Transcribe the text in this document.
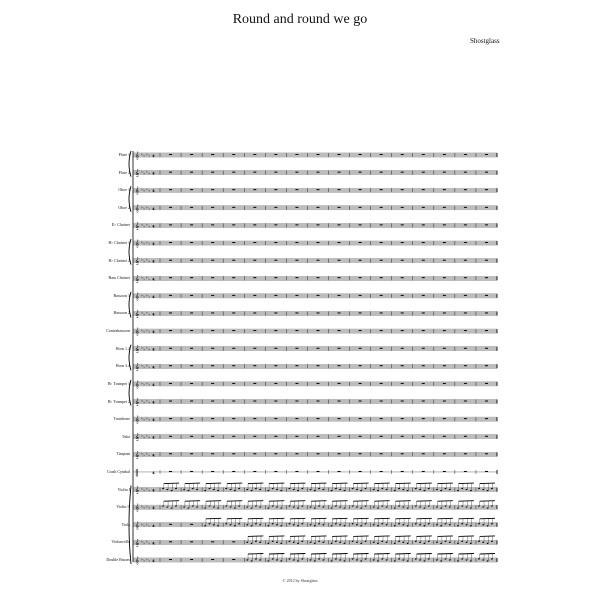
Round and round we go
Shostglass
𝄞 ♭ ♭ ♭ ♭ 4
𝄞 ♭ ♭ ♭ ♭ 4
𝄞 ♭ ♭ ♭ ♭ 4
𝄞 ♭ ♭ ♭ ♭ 4
𝄞 ♭ ♭ ♭ ♭ 4
𝄞 ♭ ♭ ♭ ♭ 4
𝄞 ♭ ♭ ♭ ♭ 4
𝄞 ♭ ♭ ♭ ♭ 4
𝄞 ♭ ♭ ♭ ♭ 4
𝄞 ♭ ♭ ♭ ♭ 4
𝄞 ♭ ♭ ♭ ♭ 4
𝄞 ♭ ♭ ♭ ♭ 4
𝄞 ♭ ♭ ♭ ♭ 4
𝄞 ♭ ♭ ♭ ♭ 4
𝄞 ♭ ♭ ♭ ♭ 4
𝄞 ♭ ♭ ♭ ♭ 4
𝄞 ♭ ♭ ♭ ♭ 4
𝄞 ♭ ♭ ♭ ♭ 4
‖	4
𝄞 ♭ ♭ ♭ ♭ 4
𝄞 ♭ ♭ ♭ ♭ 4
𝄞 ♭ ♭ ♭ ♭ 4
𝄞 ♭ ♭ ♭ ♭ 4
𝄞 ♭ ♭ ♭ ♭ 4
Flute 1
Flute 2
Oboe 1
Oboe 2
E♭ Clarinet
B♭ Clarinet 1
B♭ Clarinet 2
Bass Clarinet
Bassoon 1
Bassoon 2
Contrabassoon
Horn 1.2
Horn 3.4
B♭ Trumpet 1
B♭ Trumpet 2
Trombone
Tuba
Timpani
Crash Cymbal
Violin I
Violin II
Viola
Violoncello
Double Basses
© 2012 by Shostglass
